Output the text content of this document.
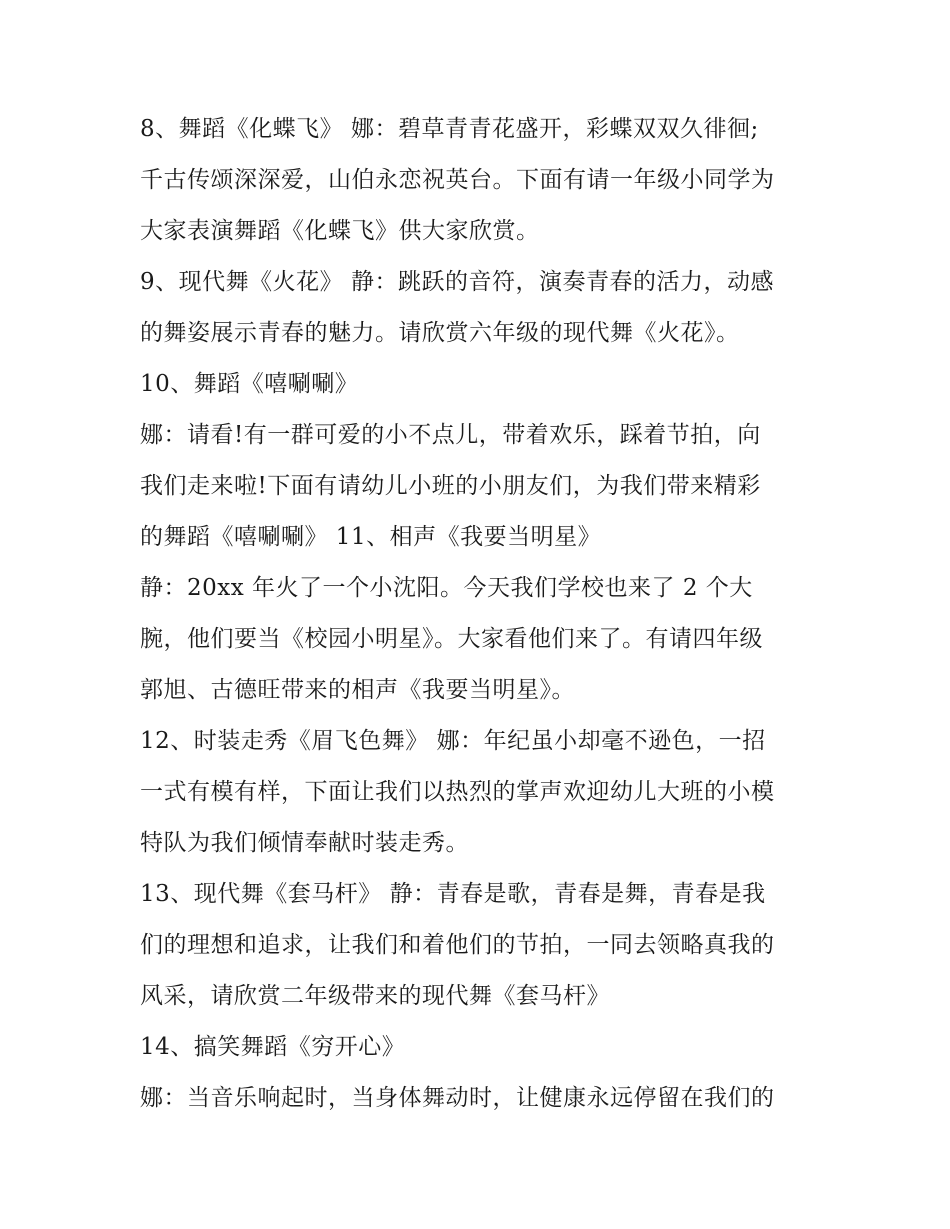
8、舞蹈《化蝶飞》 娜：碧草青青花盛开，彩蝶双双久徘徊;
千古传颂深深爱，山伯永恋祝英台。下面有请一年级小同学为
大家表演舞蹈《化蝶飞》供大家欣赏。
9、现代舞《火花》 静：跳跃的音符，演奏青春的活力，动感
的舞姿展示青春的魅力。请欣赏六年级的现代舞《火花》。
10、舞蹈《嘻唰唰》
娜：请看!有一群可爱的小不点儿，带着欢乐，踩着节拍，向
我们走来啦!下面有请幼儿小班的小朋友们，为我们带来精彩
的舞蹈《嘻唰唰》 11、相声《我要当明星》
静：20xx 年火了一个小沈阳。今天我们学校也来了 2 个大
腕，他们要当《校园小明星》。大家看他们来了。有请四年级
郭旭、古德旺带来的相声《我要当明星》。
12、时装走秀《眉飞色舞》 娜：年纪虽小却毫不逊色，一招
一式有模有样，下面让我们以热烈的掌声欢迎幼儿大班的小模
特队为我们倾情奉献时装走秀。
13、现代舞《套马杆》 静：青春是歌，青春是舞，青春是我
们的理想和追求，让我们和着他们的节拍，一同去领略真我的
风采，请欣赏二年级带来的现代舞《套马杆》
14、搞笑舞蹈《穷开心》
娜：当音乐响起时，当身体舞动时，让健康永远停留在我们的
